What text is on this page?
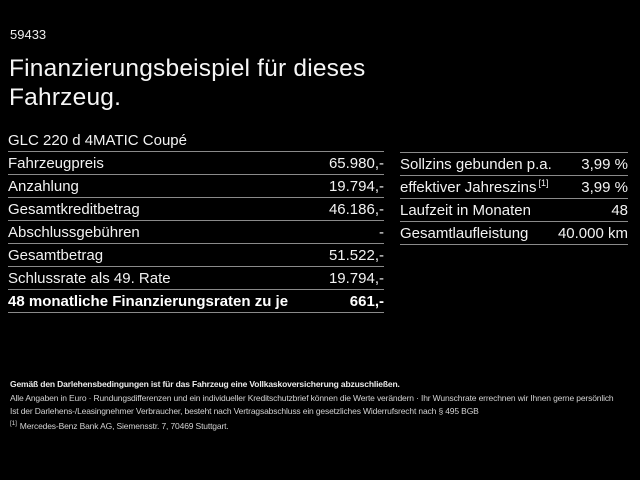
59433
Finanzierungsbeispiel für dieses
Fahrzeug.
GLC 220 d 4MATIC Coupé
Fahrzeugpreis	65.980,-
Anzahlung	19.794,-
Gesamtkreditbetrag	46.186,-
Abschlussgebühren	-
Gesamtbetrag	51.522,-
Schlussrate als 49. Rate	19.794,-
48 monatliche Finanzierungsraten zu je	661,-
Sollzins gebunden p.a. 3,99 %
effektiver Jahreszins [1] 3,99 %
Laufzeit in Monaten	48
Gesamtlaufleistung 40.000 km
Gemäß den Darlehensbedingungen ist für das Fahrzeug eine Vollkaskoversicherung abzuschließen.
Alle Angaben in Euro · Rundungsdifferenzen und ein individueller Kreditschutzbrief können die Werte verändern · Ihr Wunschrate errechnen wir Ihnen gerne persönlich
Ist der Darlehens-/Leasingnehmer Verbraucher, besteht nach Vertragsabschluss ein gesetzliches Widerrufsrecht nach § 495 BGB
[1] Mercedes-Benz Bank AG, Siemensstr. 7, 70469 Stuttgart.
